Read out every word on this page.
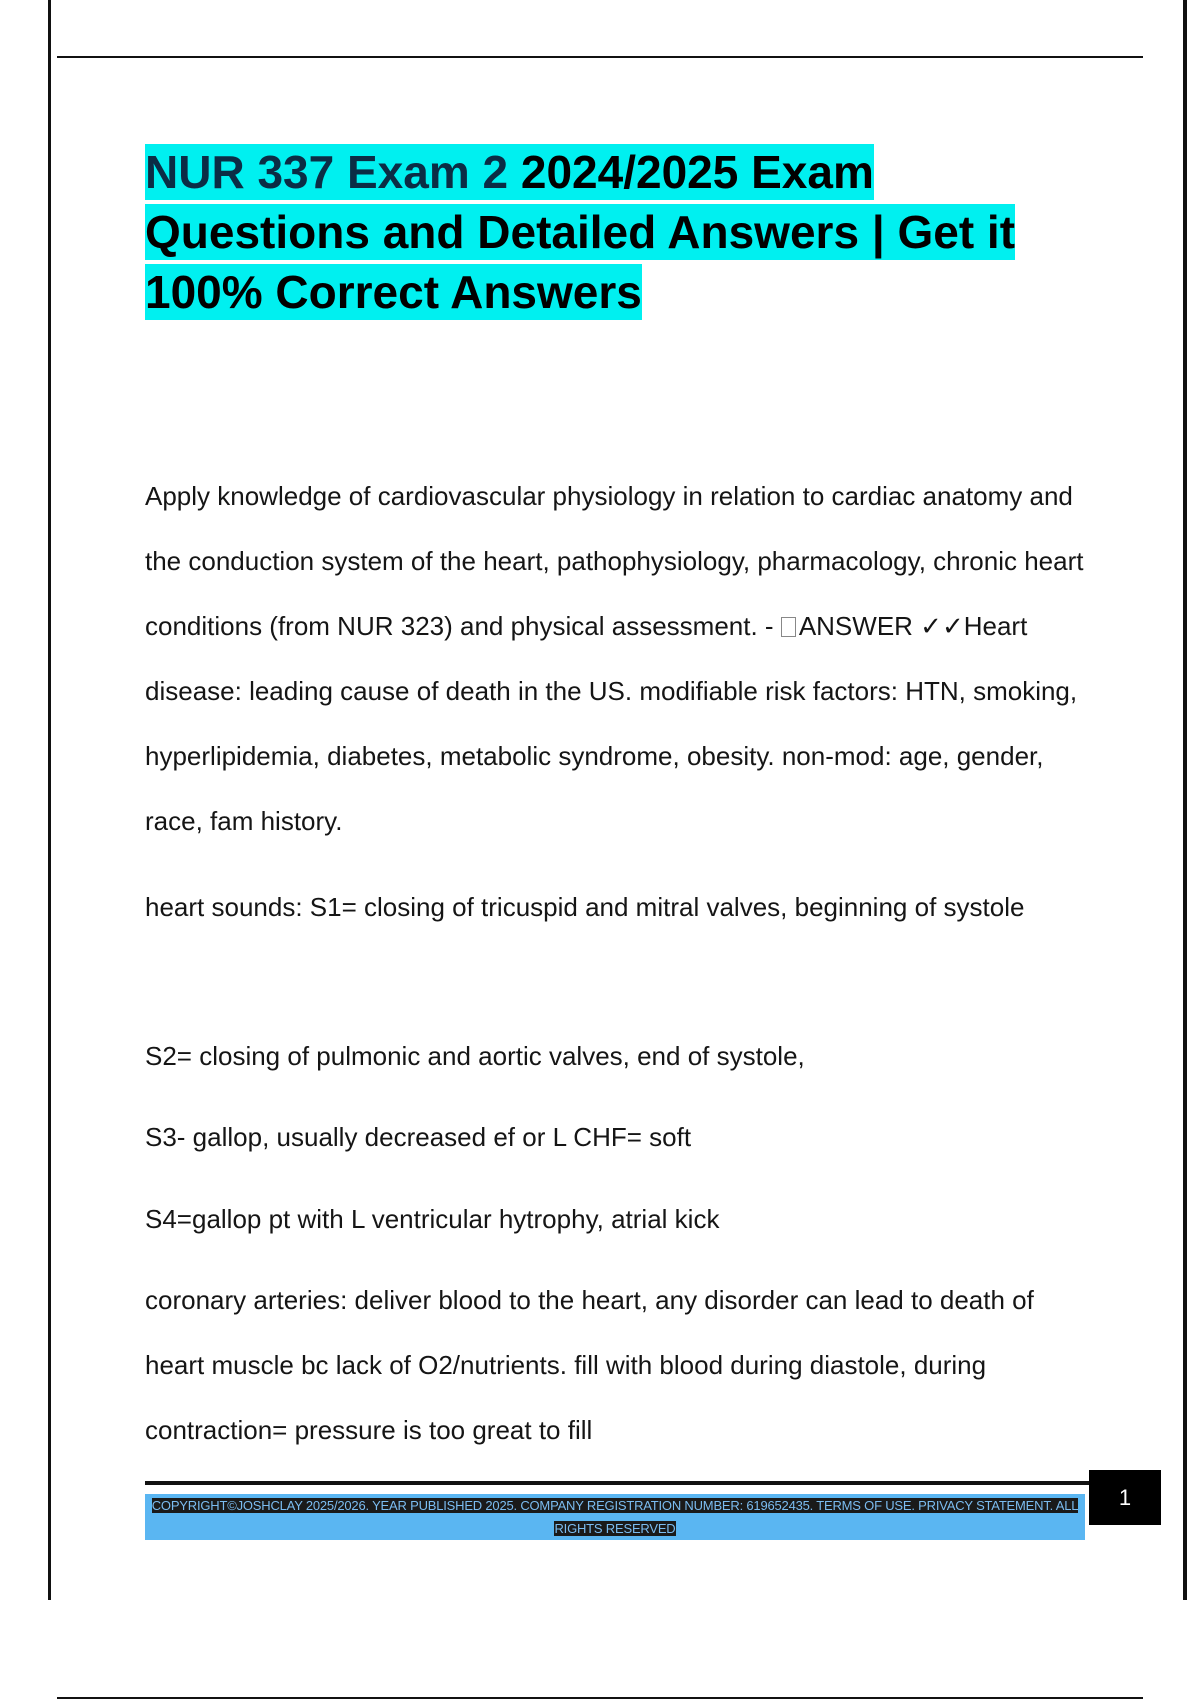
NUR 337 Exam 2 2024/2025 Exam Questions and Detailed Answers | Get it 100% Correct Answers

Apply knowledge of cardiovascular physiology in relation to cardiac anatomy and the conduction system of the heart, pathophysiology, pharmacology, chronic heart conditions (from NUR 323) and physical assessment. - ANSWER ✓✓Heart disease: leading cause of death in the US. modifiable risk factors: HTN, smoking, hyperlipidemia, diabetes, metabolic syndrome, obesity. non-mod: age, gender, race, fam history.

heart sounds: S1= closing of tricuspid and mitral valves, beginning of systole

S2= closing of pulmonic and aortic valves, end of systole,

S3- gallop, usually decreased ef or L CHF= soft

S4=gallop pt with L ventricular hytrophy, atrial kick

coronary arteries: deliver blood to the heart, any disorder can lead to death of heart muscle bc lack of O2/nutrients. fill with blood during diastole, during contraction= pressure is too great to fill

COPYRIGHT©JOSHCLAY 2025/2026. YEAR PUBLISHED 2025. COMPANY REGISTRATION NUMBER: 619652435. TERMS OF USE. PRIVACY STATEMENT. ALL RIGHTS RESERVED
1
